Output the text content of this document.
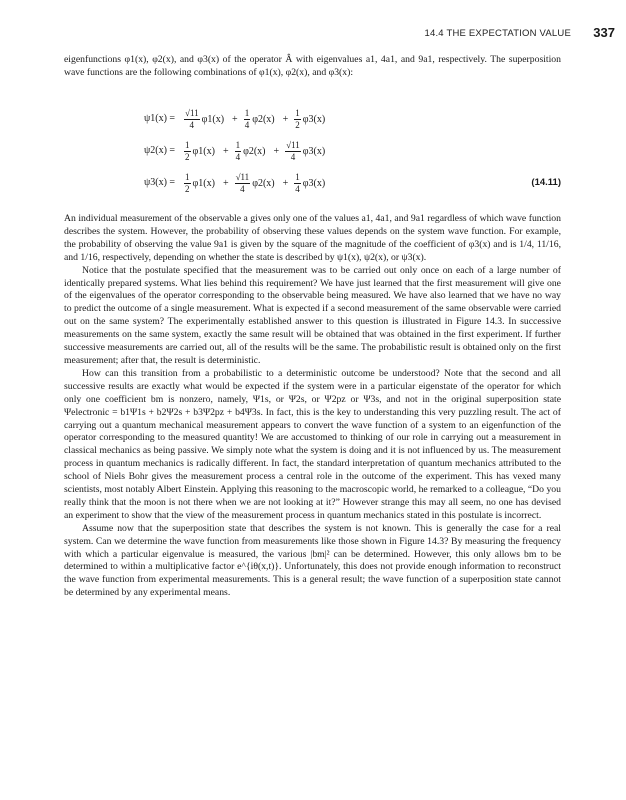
14.4 THE EXPECTATION VALUE 337

eigenfunctions φ1(x), φ2(x), and φ3(x) of the operator Â with eigenvalues a1, 4a1, and 9a1, respectively. The superposition wave functions are the following combinations of φ1(x), φ2(x), and φ3(x):

$\psi 1(x) = \frac{√11}{4} \varphi 1(x) + \frac{1}{4} \varphi 2(x) + \frac{1}{2} \varphi 3(x)$
$\psi 2(x) = \frac{1}{2} \varphi 1(x) + \frac{1}{4} \varphi 2(x) + \frac{√11}{4} \varphi 3(x)$
$\psi 3(x) = \frac{1}{2} \varphi 1(x) + \frac{√11}{4} \varphi 2(x) + \frac{1}{4} \varphi 3(x)$	(14.11)

An individual measurement of the observable a gives only one of the values a1, 4a1, and 9a1 regardless of which wave function describes the system. However, the probability of observing these values depends on the system wave function. For example, the probability of observing the value 9a1 is given by the square of the magnitude of the coefficient of φ3(x) and is 1/4, 11/16, and 1/16, respectively, depending on whether the state is described by ψ1(x), ψ2(x), or ψ3(x).

Notice that the postulate specified that the measurement was to be carried out only once on each of a large number of identically prepared systems. What lies behind this requirement? We have just learned that the first measurement will give one of the eigenvalues of the operator corresponding to the observable being measured. We have also learned that we have no way to predict the outcome of a single measurement. What is expected if a second measurement of the same observable were carried out on the same system? The experimentally established answer to this question is illustrated in Figure 14.3. In successive measurements on the same system, exactly the same result will be obtained that was obtained in the first experiment. If further successive measurements are carried out, all of the results will be the same. The probabilistic result is obtained only on the first measurement; after that, the result is deterministic.

How can this transition from a probabilistic to a deterministic outcome be understood? Note that the second and all successive results are exactly what would be expected if the system were in a particular eigenstate of the operator for which only one coefficient bm is nonzero, namely, Ψ1s, or Ψ2s, or Ψ2pz or Ψ3s, and not in the original superposition state Ψelectronic = b1Ψ1s + b2Ψ2s + b3Ψ2pz + b4Ψ3s. In fact, this is the key to understanding this very puzzling result. The act of carrying out a quantum mechanical measurement appears to convert the wave function of a system to an eigenfunction of the operator corresponding to the measured quantity! We are accustomed to thinking of our role in carrying out a measurement in classical mechanics as being passive. We simply note what the system is doing and it is not influenced by us. The measurement process in quantum mechanics is radically different. In fact, the standard interpretation of quantum mechanics attributed to the school of Niels Bohr gives the measurement process a central role in the outcome of the experiment. This has vexed many scientists, most notably Albert Einstein. Applying this reasoning to the macroscopic world, he remarked to a colleague, “Do you really think that the moon is not there when we are not looking at it?” However strange this may all seem, no one has devised an experiment to show that the view of the measurement process in quantum mechanics stated in this postulate is incorrect.

Assume now that the superposition state that describes the system is not known. This is generally the case for a real system. Can we determine the wave function from measurements like those shown in Figure 14.3? By measuring the frequency with which a particular eigenvalue is measured, the various |bm|² can be determined. However, this only allows bm to be determined to within a multiplicative factor e^{iθ(x,t)}. Unfortunately, this does not provide enough information to reconstruct the wave function from experimental measurements. This is a general result; the wave function of a superposition state cannot be determined by any experimental means.
